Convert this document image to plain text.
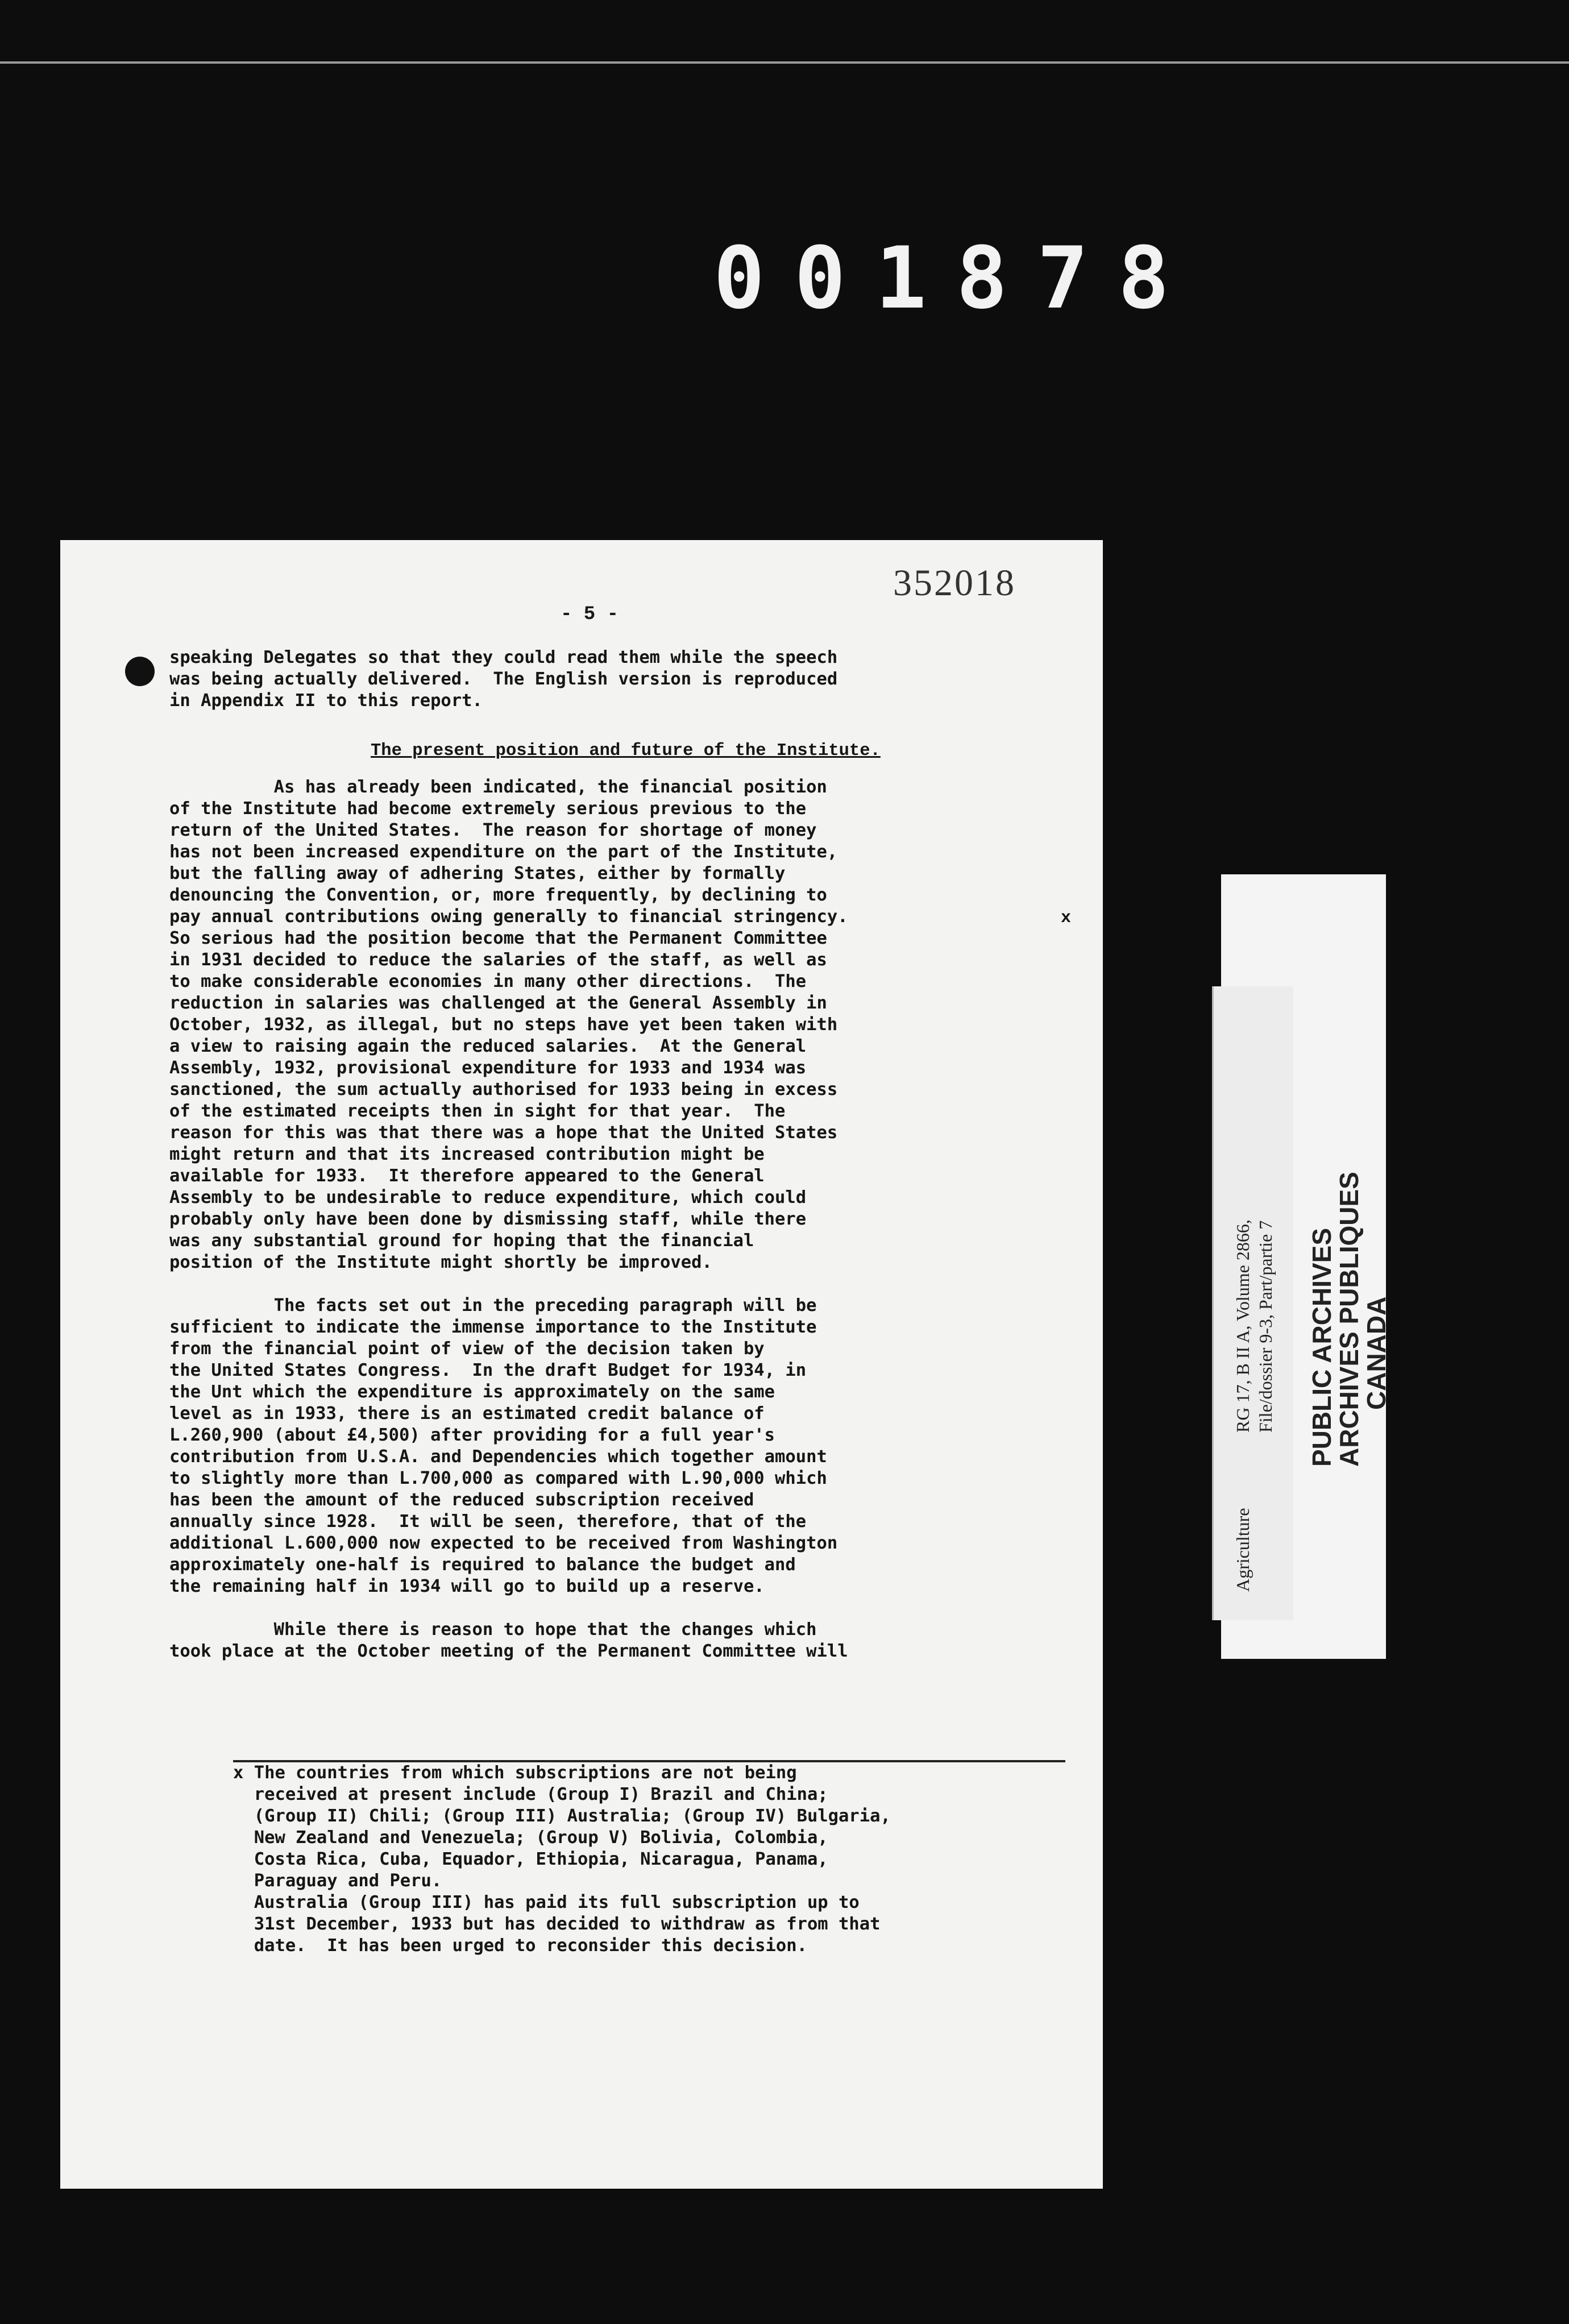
001878
352018
- 5 -
speaking Delegates so that they could read them while the speech
was being actually delivered.  The English version is reproduced
in Appendix II to this report.

As has already been indicated, the financial position
of the Institute had become extremely serious previous to the
return of the United States.  The reason for shortage of money
has not been increased expenditure on the part of the Institute,
but the falling away of adhering States, either by formally
denouncing the Convention, or, more frequently, by declining to
pay annual contributions owing generally to financial stringency.
So serious had the position become that the Permanent Committee
in 1931 decided to reduce the salaries of the staff, as well as
to make considerable economies in many other directions.  The
reduction in salaries was challenged at the General Assembly in
October, 1932, as illegal, but no steps have yet been taken with
a view to raising again the reduced salaries.  At the General
Assembly, 1932, provisional expenditure for 1933 and 1934 was
sanctioned, the sum actually authorised for 1933 being in excess
of the estimated receipts then in sight for that year.  The
reason for this was that there was a hope that the United States
might return and that its increased contribution might be
available for 1933.  It therefore appeared to the General
Assembly to be undesirable to reduce expenditure, which could
probably only have been done by dismissing staff, while there
was any substantial ground for hoping that the financial
position of the Institute might shortly be improved.

The facts set out in the preceding paragraph will be
sufficient to indicate the immense importance to the Institute
from the financial point of view of the decision taken by
the United States Congress.  In the draft Budget for 1934, in
the Unt which the expenditure is approximately on the same
level as in 1933, there is an estimated credit balance of
L.260,900 (about £4,500) after providing for a full year's
contribution from U.S.A. and Dependencies which together amount
to slightly more than L.700,000 as compared with L.90,000 which
has been the amount of the reduced subscription received
annually since 1928.  It will be seen, therefore, that of the
additional L.600,000 now expected to be received from Washington
approximately one-half is required to balance the budget and
the remaining half in 1934 will go to build up a reserve.

While there is reason to hope that the changes which
took place at the October meeting of the Permanent Committee will
The present position and future of the Institute.
x
x The countries from which subscriptions are not being
received at present include (Group I) Brazil and China;
(Group II) Chili; (Group III) Australia; (Group IV) Bulgaria,
New Zealand and Venezuela; (Group V) Bolivia, Colombia,
Costa Rica, Cuba, Equador, Ethiopia, Nicaragua, Panama,
Paraguay and Peru.
Australia (Group III) has paid its full subscription up to
31st December, 1933 but has decided to withdraw as from that
date.  It has been urged to reconsider this decision.
Agriculture
RG 17, B II A, Volume 2866, File/dossier 9-3, Part/partie 7 PUBLIC ARCHIVES
ARCHIVES PUBLIQUES
CANADA
